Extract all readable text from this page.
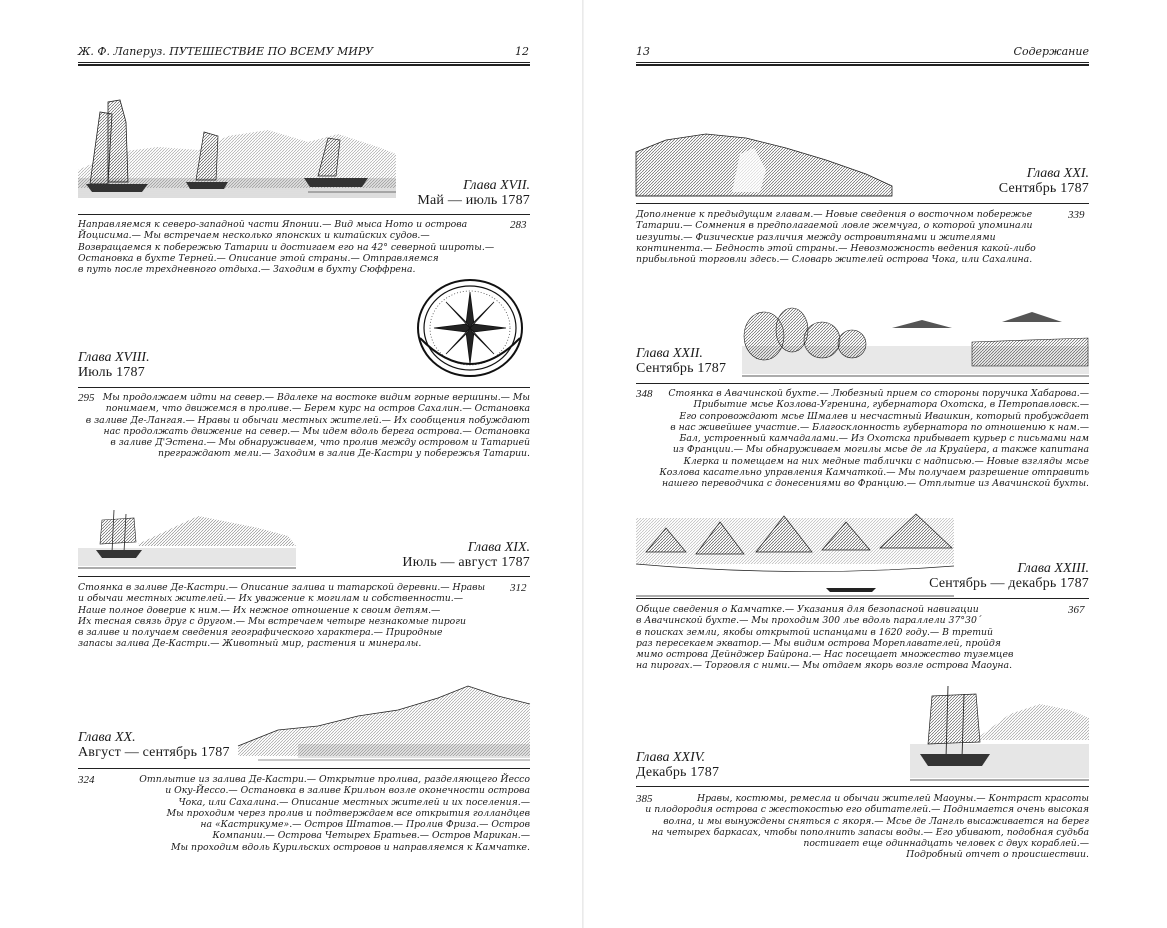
Ж. Ф. Лаперуз. ПУТЕШЕСТВИЕ ПО ВСЕМУ МИРУ	12
Глава XVII.
Май — июль 1787
Направляемся к северо-западной части Японии.— Вид мыса Ното и острова
Йоцисима.— Мы встречаем несколько японских и китайских судов.—
Возвращаемся к побережью Татарии и достигаем его на 42° северной широты.—
Остановка в бухте Терней.— Описание этой страны.— Отправляемся
в путь после трехдневного отдыха.— Заходим в бухту Сюффрена.
283
Глава XVIII.
Июль 1787
295 Мы продолжаем идти на север.— Вдалеке на востоке видим горные вершины.— Мы
понимаем, что движемся в проливе.— Берем курс на остров Сахалин.— Остановка
в заливе Де-Лангая.— Нравы и обычаи местных жителей.— Их сообщения побуждают
нас продолжать движение на север.— Мы идем вдоль берега острова.— Остановка
в заливе Д'Эстена.— Мы обнаруживаем, что пролив между островом и Татарией
преграждают мели.— Заходим в залив Де-Кастри у побережья Татарии.
Глава XIX.
Июль — август 1787
Стоянка в заливе Де-Кастри.— Описание залива и татарской деревни.— Нравы
и обычаи местных жителей.— Их уважение к могилам и собственности.—
Наше полное доверие к ним.— Их нежное отношение к своим детям.—
Их тесная связь друг с другом.— Мы встречаем четыре незнакомые пироги
в заливе и получаем сведения географического характера.— Природные
запасы залива Де-Кастри.— Животный мир, растения и минералы.
312
Глава XX.
Август — сентябрь 1787
324	Отплытие из залива Де-Кастри.— Открытие пролива, разделяющего Йессо
и Оку-Йессо.— Остановка в заливе Крильон возле оконечности острова
Чока, или Сахалина.— Описание местных жителей и их поселения.—
Мы проходим через пролив и подтверждаем все открытия голландцев
на «Кастрикуме».— Остров Штатов.— Пролив Фриза.— Остров
Компании.— Острова Четырех Братьев.— Остров Марикан.—
Мы проходим вдоль Курильских островов и направляемся к Камчатке.
13	Содержание
Глава XXI.
Сентябрь 1787
Дополнение к предыдущим главам.— Новые сведения о восточном побережье
Татарии.— Сомнения в предполагаемой ловле жемчуга, о которой упоминали
иезуиты.— Физические различия между островитянами и жителями
континента.— Бедность этой страны.— Невозможность ведения какой-либо
прибыльной торговли здесь.— Словарь жителей острова Чока, или Сахалина.
339
Глава XXII.
Сентябрь 1787
348	Стоянка в Авачинской бухте.— Любезный прием со стороны поручика Хабарова.—
Прибытие мсье Козлова-Угренина, губернатора Охотска, в Петропавловск.—
Его сопровождают мсье Шмалев и несчастный Ивашкин, который пробуждает
в нас живейшее участие.— Благосклонность губернатора по отношению к нам.—
Бал, устроенный камчадалами.— Из Охотска прибывает курьер с письмами нам
из Франции.— Мы обнаруживаем могилы мсье де ла Круайера, а также капитана
Клерка и помещаем на них медные таблички с надписью.— Новые взгляды мсье
Козлова касательно управления Камчаткой.— Мы получаем разрешение отправить
нашего переводчика с донесениями во Францию.— Отплытие из Авачинской бухты.
Глава XXIII.
Сентябрь — декабрь 1787
Общие сведения о Камчатке.— Указания для безопасной навигации
в Авачинской бухте.— Мы проходим 300 лье вдоль параллели 37°30´
в поисках земли, якобы открытой испанцами в 1620 году.— В третий
раз пересекаем экватор.— Мы видим острова Мореплавателей, пройдя
мимо острова Дейнджер Байрона.— Нас посещает множество туземцев
на пирогах.— Торговля с ними.— Мы отдаем якорь возле острова Маоуна.
367
Глава XXIV.
Декабрь 1787
385	Нравы, костюмы, ремесла и обычаи жителей Маоуны.— Контраст красоты
и плодородия острова с жестокостью его обитателей.— Поднимается очень высокая
волна, и мы вынуждены сняться с якоря.— Мсье де Лангль высаживается на берег
на четырех баркасах, чтобы пополнить запасы воды.— Его убивают, подобная судьба
постигает еще одиннадцать человек с двух кораблей.—
Подробный отчет о происшествии.
